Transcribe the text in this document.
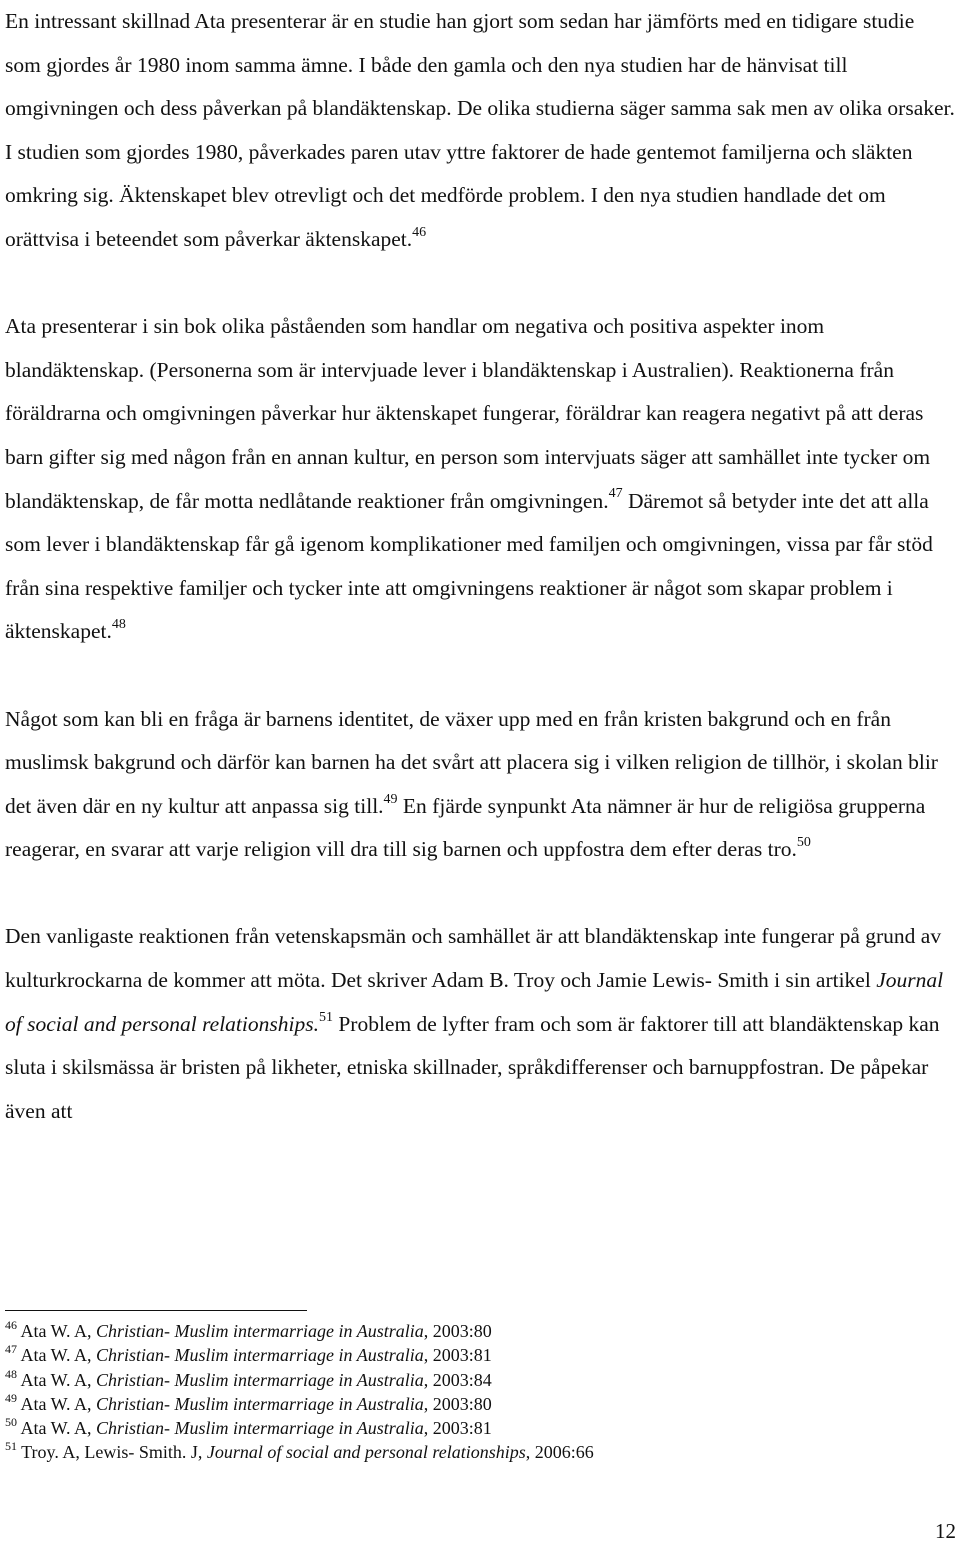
En intressant skillnad Ata presenterar är en studie han gjort som sedan har jämförts med en tidigare studie som gjordes år 1980 inom samma ämne. I både den gamla och den nya studien har de hänvisat till omgivningen och dess påverkan på blandäktenskap. De olika studierna säger samma sak men av olika orsaker. I studien som gjordes 1980, påverkades paren utav yttre faktorer de hade gentemot familjerna och släkten omkring sig. Äktenskapet blev otrevligt och det medförde problem. I den nya studien handlade det om orättvisa i beteendet som påverkar äktenskapet.$^{46}$

Ata presenterar i sin bok olika påståenden som handlar om negativa och positiva aspekter inom blandäktenskap. (Personerna som är intervjuade lever i blandäktenskap i Australien). Reaktionerna från föräldrarna och omgivningen påverkar hur äktenskapet fungerar, föräldrar kan reagera negativt på att deras barn gifter sig med någon från en annan kultur, en person som intervjuats säger att samhället inte tycker om blandäktenskap, de får motta nedlåtande reaktioner från omgivningen.$^{47}$ Däremot så betyder inte det att alla som lever i blandäktenskap får gå igenom komplikationer med familjen och omgivningen, vissa par får stöd från sina respektive familjer och tycker inte att omgivningens reaktioner är något som skapar problem i äktenskapet.$^{48}$

Något som kan bli en fråga är barnens identitet, de växer upp med en från kristen bakgrund och en från muslimsk bakgrund och därför kan barnen ha det svårt att placera sig i vilken religion de tillhör, i skolan blir det även där en ny kultur att anpassa sig till.$^{49}$ En fjärde synpunkt Ata nämner är hur de religiösa grupperna reagerar, en svarar att varje religion vill dra till sig barnen och uppfostra dem efter deras tro.$^{50}$

Den vanligaste reaktionen från vetenskapsmän och samhället är att blandäktenskap inte fungerar på grund av kulturkrockarna de kommer att möta. Det skriver Adam B. Troy och Jamie Lewis- Smith i sin artikel Journal of social and personal relationships.$^{51}$ Problem de lyfter fram och som är faktorer till att blandäktenskap kan sluta i skilsmässa är bristen på likheter, etniska skillnader, språkdifferenser och barnuppfostran. De påpekar även att

$^{46}$ Ata W. A, Christian- Muslim intermarriage in Australia, 2003:80
$^{47}$ Ata W. A, Christian- Muslim intermarriage in Australia, 2003:81
$^{48}$ Ata W. A, Christian- Muslim intermarriage in Australia, 2003:84
$^{49}$ Ata W. A, Christian- Muslim intermarriage in Australia, 2003:80
$^{50}$ Ata W. A, Christian- Muslim intermarriage in Australia, 2003:81
$^{51}$ Troy. A, Lewis- Smith. J, Journal of social and personal relationships, 2006:66
12
